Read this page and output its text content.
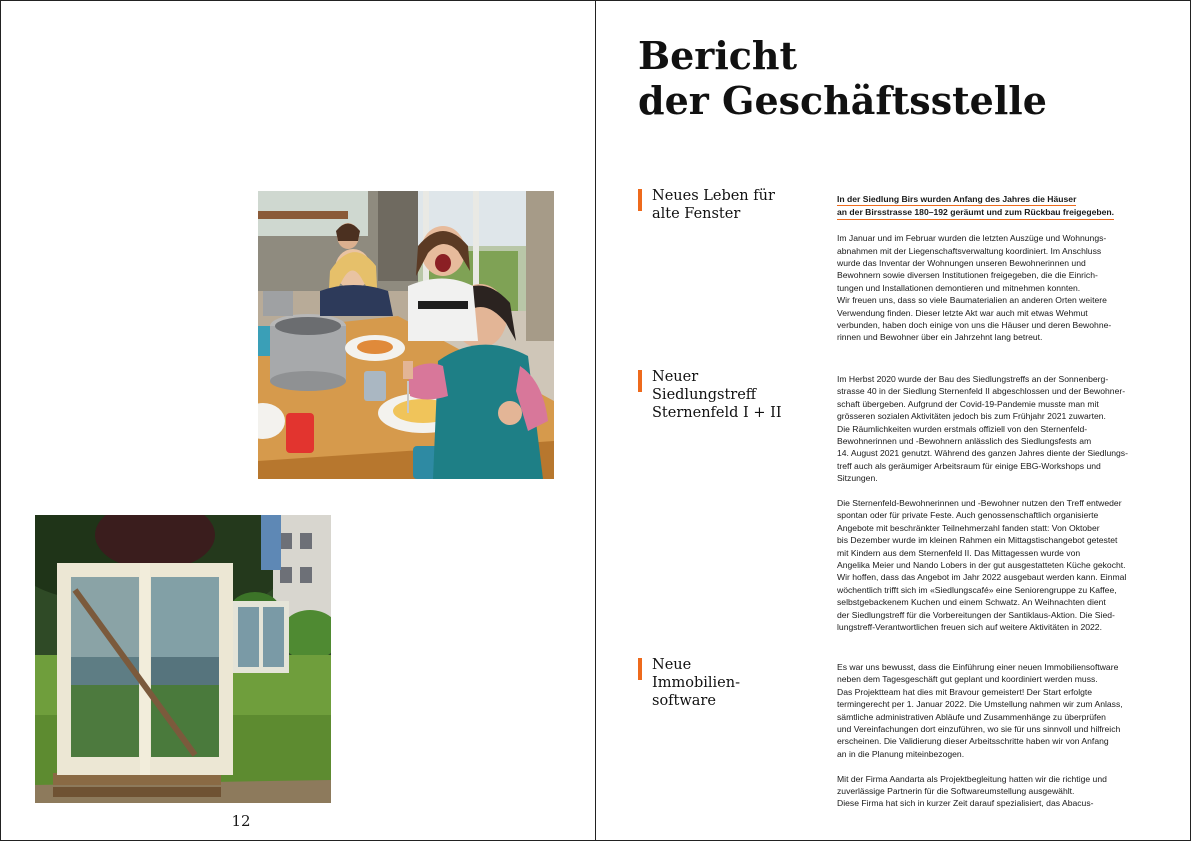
12
Bericht
der Geschäftsstelle
Neues Leben für
alte Fenster

In der Siedlung Birs wurden Anfang des Jahres die Häuser
an der Birsstrasse 180–192 geräumt und zum Rückbau freigegeben.

Im Januar und im Februar wurden die letzten Auszüge und Wohnungs-
abnahmen mit der Liegenschaftsverwaltung koordiniert. Im Anschluss
wurde das Inventar der Wohnungen unseren Bewohnerinnen und
Bewohnern sowie diversen Institutionen freigegeben, die die Einrich-
tungen und Installationen demontieren und mitnehmen konnten.
Wir freuen uns, dass so viele Baumaterialien an anderen Orten weitere
Verwendung finden. Dieser letzte Akt war auch mit etwas Wehmut
verbunden, haben doch einige von uns die Häuser und deren Bewohne-
rinnen und Bewohner über ein Jahrzehnt lang betreut.

Neuer
Siedlungstreff
Sternenfeld I + II

Im Herbst 2020 wurde der Bau des Siedlungstreffs an der Sonnenberg-
strasse 40 in der Siedlung Sternenfeld II abgeschlossen und der Bewohner-
schaft übergeben. Aufgrund der Covid-19-Pandemie musste man mit
grösseren sozialen Aktivitäten jedoch bis zum Frühjahr 2021 zuwarten.
Die Räumlichkeiten wurden erstmals offiziell von den Sternenfeld-
Bewohnerinnen und -Bewohnern anlässlich des Siedlungsfests am
14. August 2021 genutzt. Während des ganzen Jahres diente der Siedlungs-
treff auch als geräumiger Arbeitsraum für einige EBG-Workshops und
Sitzungen.

Die Sternenfeld-Bewohnerinnen und -Bewohner nutzen den Treff entweder
spontan oder für private Feste. Auch genossenschaftlich organisierte
Angebote mit beschränkter Teilnehmerzahl fanden statt: Von Oktober
bis Dezember wurde im kleinen Rahmen ein Mittagstischangebot getestet
mit Kindern aus dem Sternenfeld II. Das Mittagessen wurde von
Angelika Meier und Nando Lobers in der gut ausgestatteten Küche gekocht.
Wir hoffen, dass das Angebot im Jahr 2022 ausgebaut werden kann. Einmal
wöchentlich trifft sich im «Siedlungscafé» eine Seniorengruppe zu Kaffee,
selbstgebackenem Kuchen und einem Schwatz. An Weihnachten dient
der Siedlungstreff für die Vorbereitungen der Santiklaus-Aktion. Die Sied-
lungstreff-Verantwortlichen freuen sich auf weitere Aktivitäten in 2022.

Neue
Immobilien-
software

Es war uns bewusst, dass die Einführung einer neuen Immobiliensoftware
neben dem Tagesgeschäft gut geplant und koordiniert werden muss.
Das Projektteam hat dies mit Bravour gemeistert! Der Start erfolgte
termingerecht per 1. Januar 2022. Die Umstellung nahmen wir zum Anlass,
sämtliche administrativen Abläufe und Zusammenhänge zu überprüfen
und Vereinfachungen dort einzuführen, wo sie für uns sinnvoll und hilfreich
erscheinen. Die Validierung dieser Arbeitsschritte haben wir von Anfang
an in die Planung miteinbezogen.

Mit der Firma Aandarta als Projektbegleitung hatten wir die richtige und
zuverlässige Partnerin für die Softwareumstellung ausgewählt.
Diese Firma hat sich in kurzer Zeit darauf spezialisiert, das Abacus-
